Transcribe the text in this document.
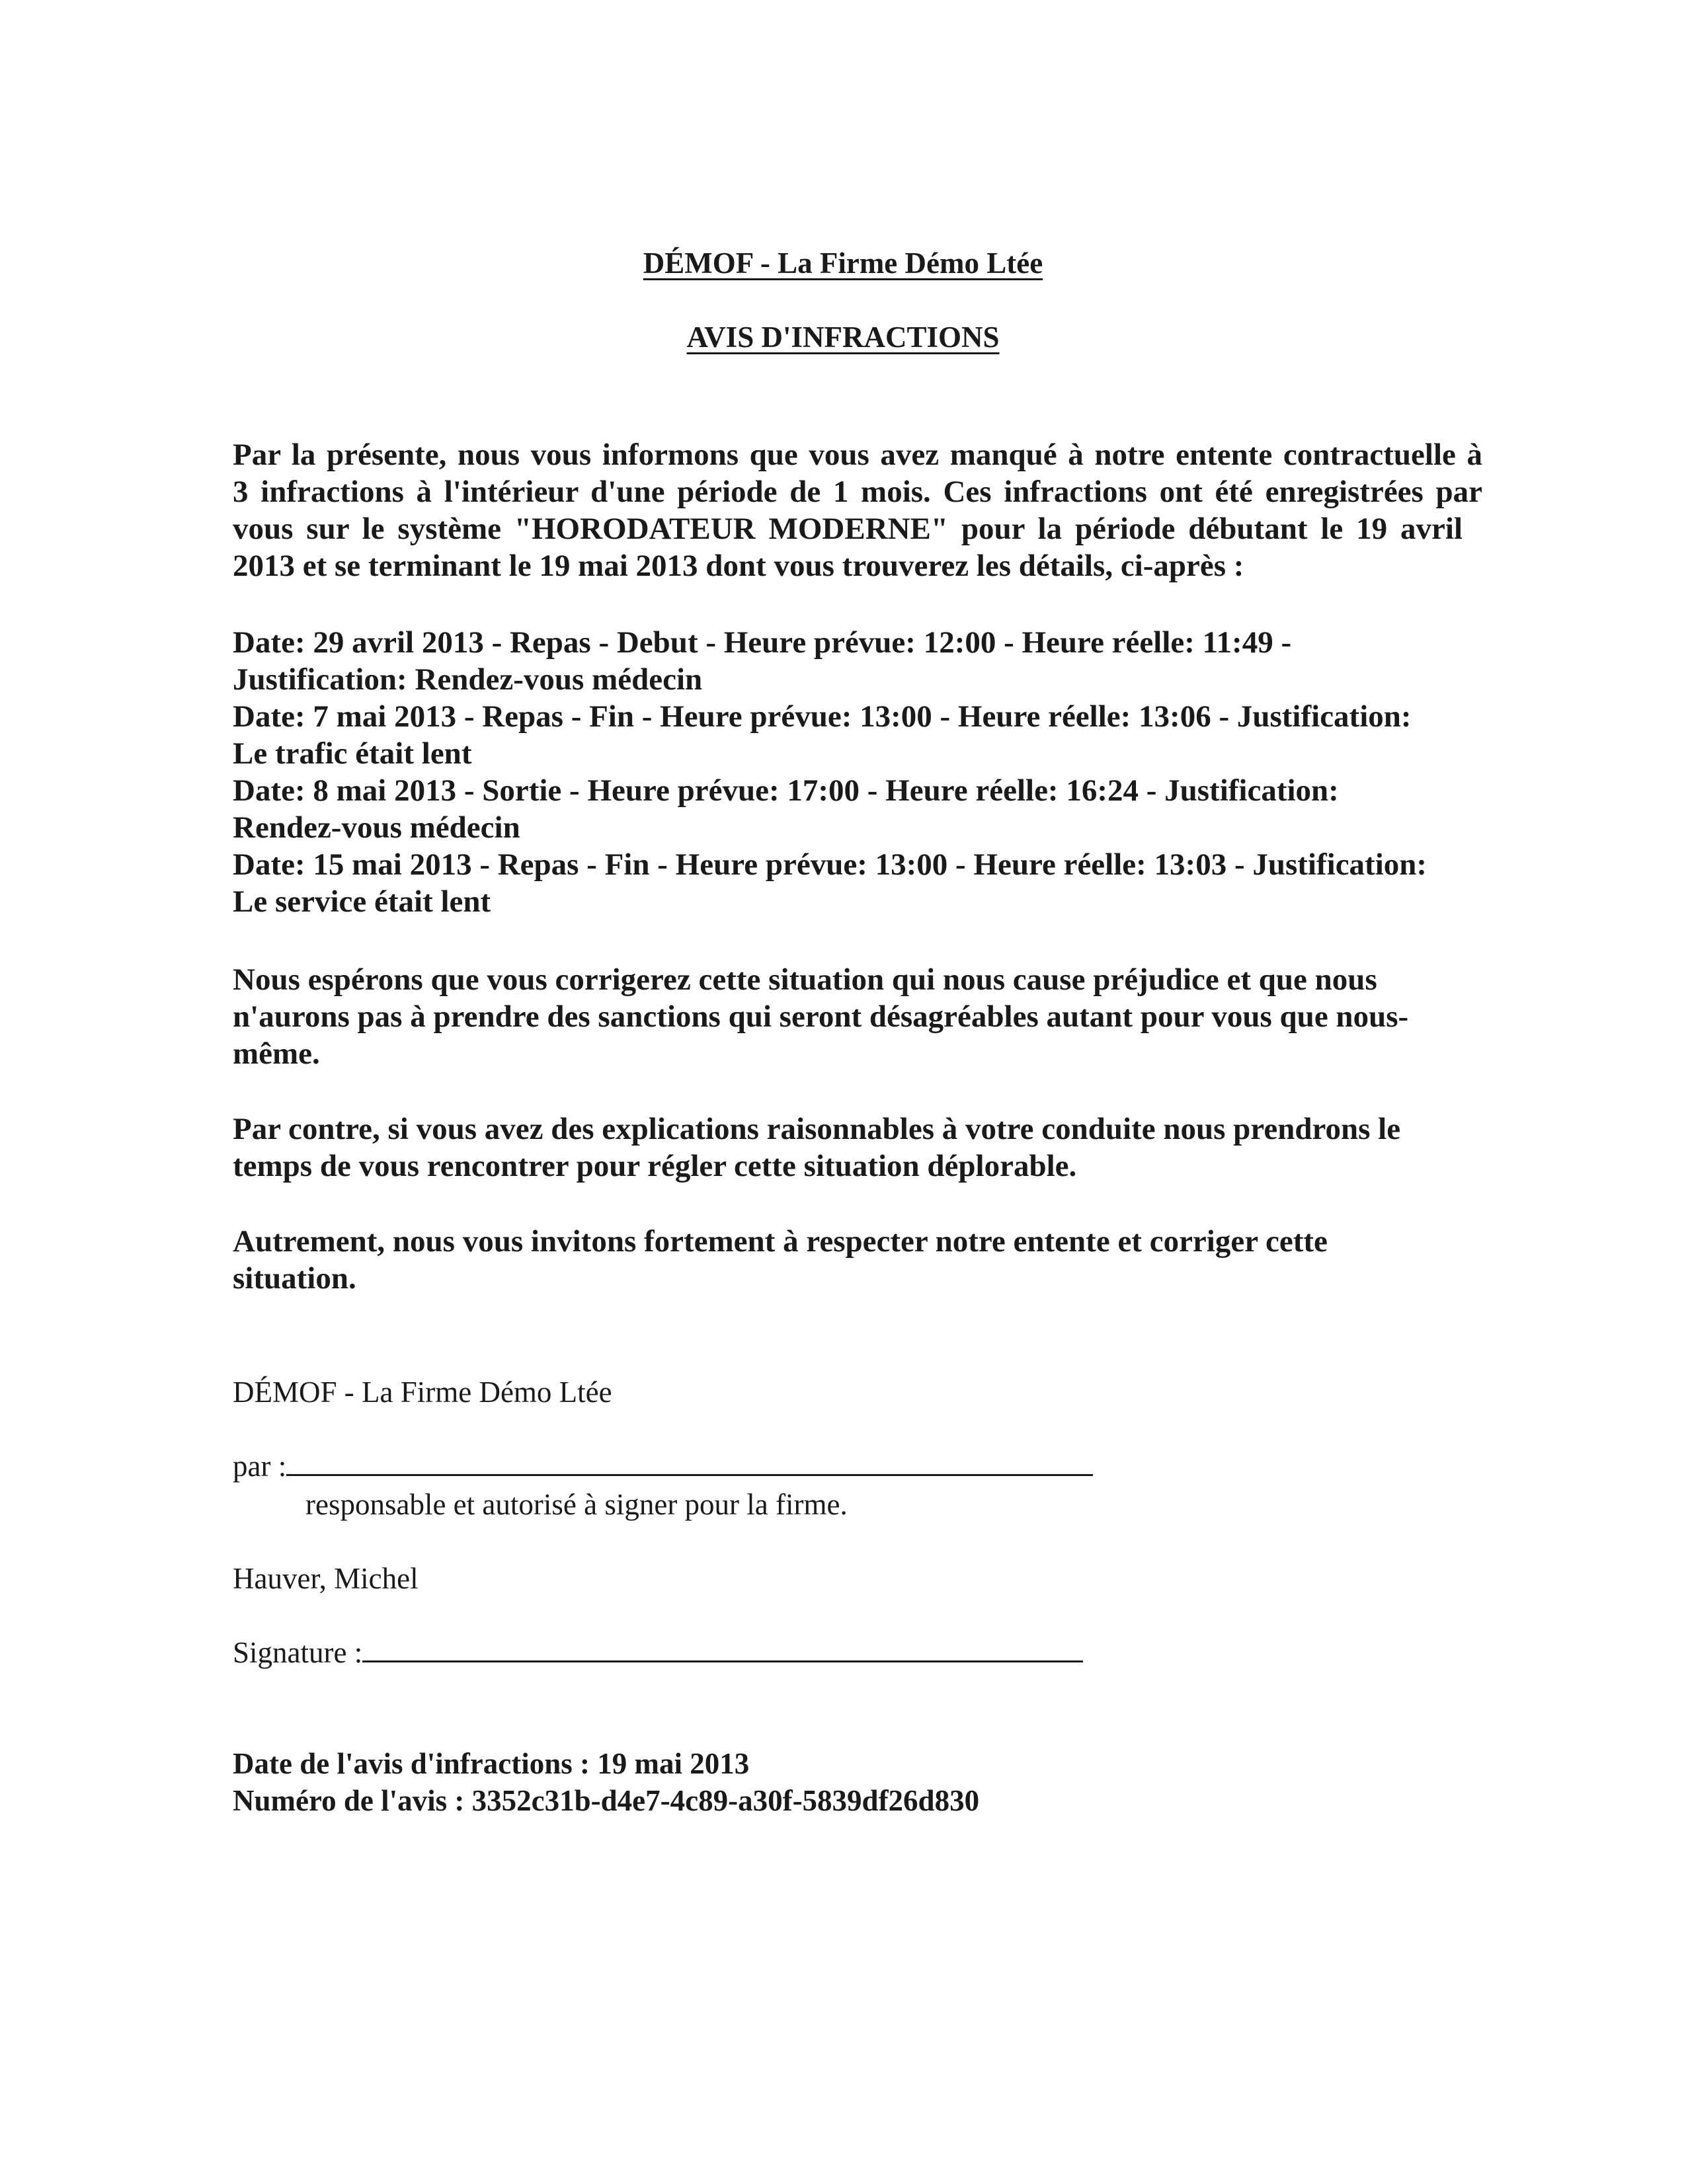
DÉMOF - La Firme Démo Ltée
AVIS D'INFRACTIONS
Par la présente, nous vous informons que vous avez manqué à notre entente contractuelle à
3 infractions à l'intérieur d'une période de 1 mois. Ces infractions ont été enregistrées par
vous sur le système "HORODATEUR MODERNE" pour la période débutant le 19 avril
2013 et se terminant le 19 mai 2013 dont vous trouverez les détails, ci-après :
Date: 29 avril 2013 - Repas - Debut - Heure prévue: 12:00 - Heure réelle: 11:49 -
Justification: Rendez-vous médecin
Date: 7 mai 2013 - Repas - Fin - Heure prévue: 13:00 - Heure réelle: 13:06 - Justification:
Le trafic était lent
Date: 8 mai 2013 - Sortie - Heure prévue: 17:00 - Heure réelle: 16:24 - Justification:
Rendez-vous médecin
Date: 15 mai 2013 - Repas - Fin - Heure prévue: 13:00 - Heure réelle: 13:03 - Justification:
Le service était lent
Nous espérons que vous corrigerez cette situation qui nous cause préjudice et que nous
n'aurons pas à prendre des sanctions qui seront désagréables autant pour vous que nous-
même.
Par contre, si vous avez des explications raisonnables à votre conduite nous prendrons le
temps de vous rencontrer pour régler cette situation déplorable.
Autrement, nous vous invitons fortement à respecter notre entente et corriger cette
situation.
DÉMOF - La Firme Démo Ltée
par :
responsable et autorisé à signer pour la firme.
Hauver, Michel
Signature :
Date de l'avis d'infractions : 19 mai 2013
Numéro de l'avis : 3352c31b-d4e7-4c89-a30f-5839df26d830
